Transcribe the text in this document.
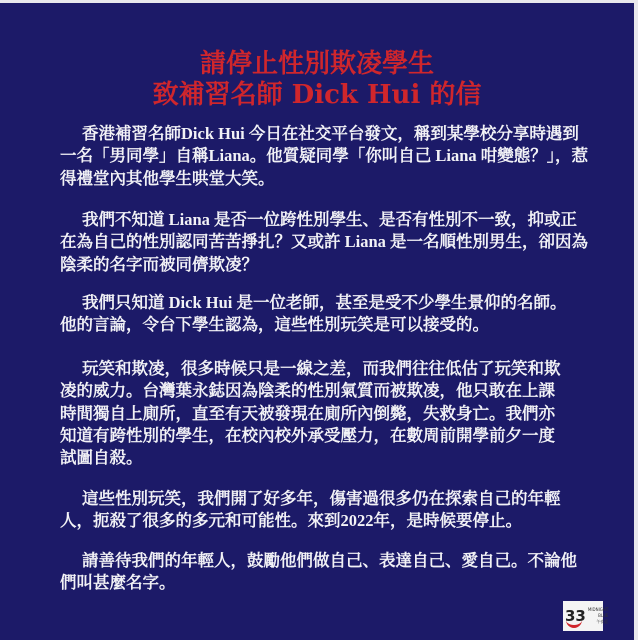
請停止性別欺凌學生
致補習名師 Dick Hui 的信
香港補習名師Dick Hui 今日在社交平台發文，稱到某學校分享時遇到
一名「男同學」自稱Liana。他質疑同學「你叫自己 Liana 咁變態？」，惹
得禮堂內其他學生哄堂大笑。
我們不知道 Liana 是否一位跨性別學生、是否有性別不一致，抑或正
在為自己的性別認同苦苦掙扎？又或許 Liana 是一名順性別男生，卻因為
陰柔的名字而被同儕欺凌？
我們只知道 Dick Hui 是一位老師，甚至是受不少學生景仰的名師。
他的言論，令台下學生認為，這些性別玩笑是可以接受的。
玩笑和欺凌，很多時候只是一線之差，而我們往往低估了玩笑和欺
凌的威力。台灣葉永鋕因為陰柔的性別氣質而被欺凌，他只敢在上課
時間獨自上廁所，直至有天被發現在廁所內倒斃，失救身亡。我們亦
知道有跨性別的學生，在校內校外承受壓力，在數周前開學前夕一度
試圖自殺。
這些性別玩笑，我們開了好多年，傷害過很多仍在探索自己的年輕
人，扼殺了很多的多元和可能性。來到2022年，是時候要停止。
請善待我們的年輕人，鼓勵他們做自己、表達自己、愛自己。不論他
們叫甚麼名字。
33 MIDNIGHT
BLUE
午夜藍
